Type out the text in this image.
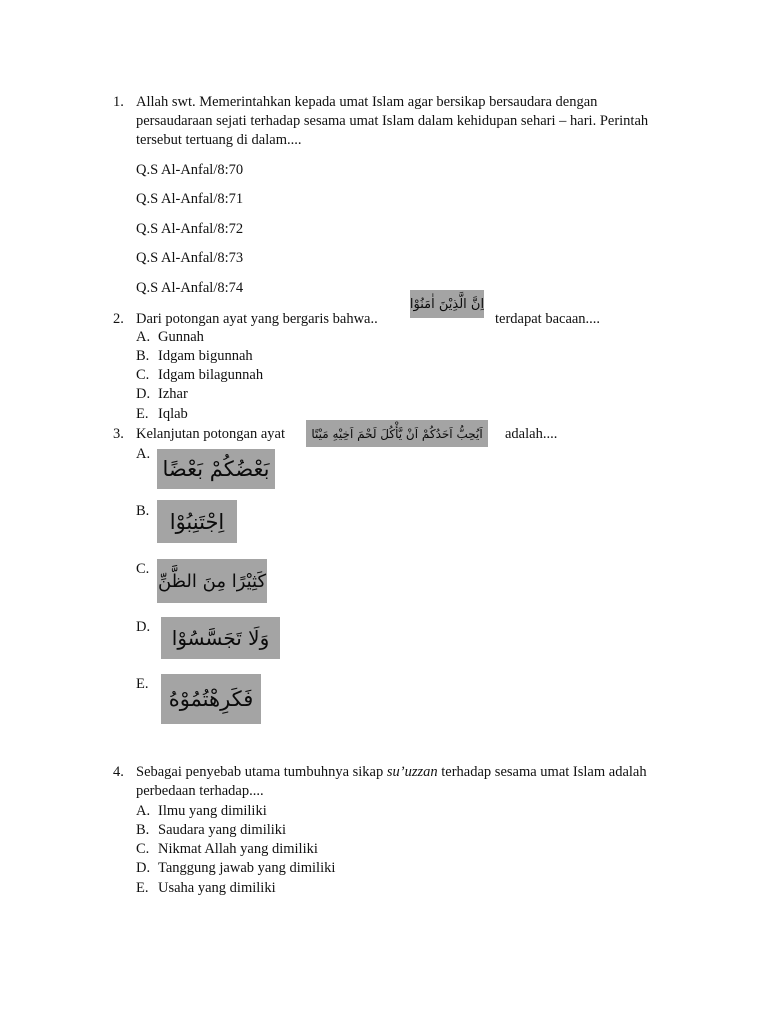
1. Allah swt. Memerintahkan kepada umat Islam agar bersikap bersaudara dengan
persaudaraan sejati terhadap sesama umat Islam dalam kehidupan sehari – hari. Perintah
tersebut tertuang di dalam....
Q.S Al-Anfal/8:70
Q.S Al-Anfal/8:71
Q.S Al-Anfal/8:72
Q.S Al-Anfal/8:73
Q.S Al-Anfal/8:74
2. Dari potongan ayat yang bergaris bahwa..
اِنَّ الَّذِيْنَ اٰمَنُوْا
terdapat bacaan....
A. Gunnah
B. Idgam bigunnah
C. Idgam bilagunnah
D. Izhar
E. Iqlab
3. Kelanjutan potongan ayat	اَيُحِبُّ اَحَدُكُمْ اَنْ يَّأْكُلَ لَحْمَ اَخِيْهِ مَيْتًا	adalah....
A.
بَعْضُكُمْ بَعْضًا
B. اِجْتَنِبُوْا
C.
كَثِيْرًا مِنَ الظَّنِّ
D.	وَلَا تَجَسَّسُوْا
E.
فَكَرِهْتُمُوْهُ
4. Sebagai penyebab utama tumbuhnya sikap su’uzzan terhadap sesama umat Islam adalah
perbedaan terhadap....
A. Ilmu yang dimiliki
B. Saudara yang dimiliki
C. Nikmat Allah yang dimiliki
D. Tanggung jawab yang dimiliki
E. Usaha yang dimiliki
